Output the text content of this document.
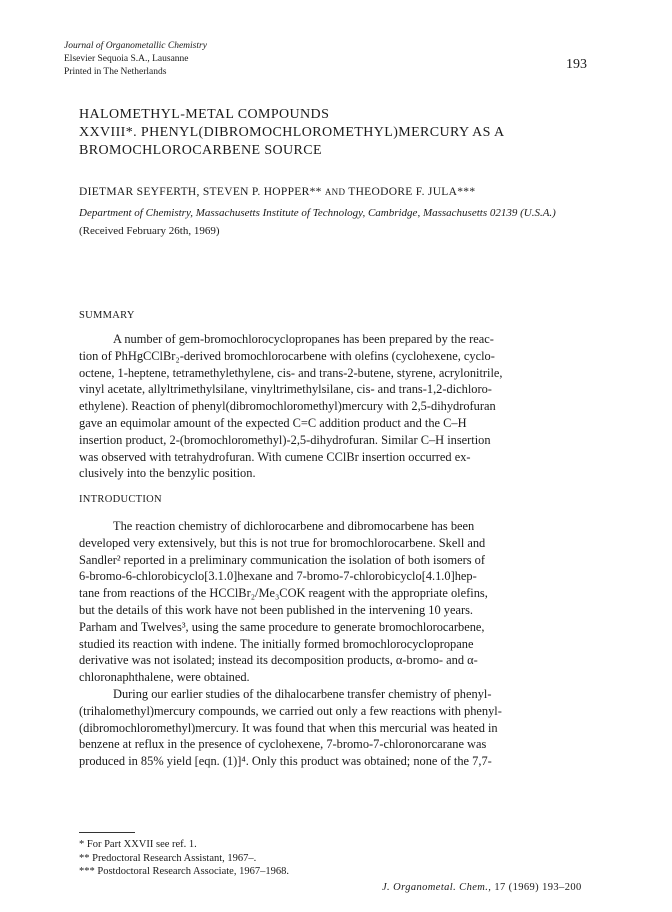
Journal of Organometallic Chemistry
Elsevier Sequoia S.A., Lausanne
Printed in The Netherlands	193
HALOMETHYL-METAL COMPOUNDS
XXVIII*. PHENYL(DIBROMOCHLOROMETHYL)MERCURY AS A
BROMOCHLOROCARBENE SOURCE
DIETMAR SEYFERTH, STEVEN P. HOPPER** AND THEODORE F. JULA***
Department of Chemistry, Massachusetts Institute of Technology, Cambridge, Massachusetts 02139 (U.S.A.)
(Received February 26th, 1969)
SUMMARY

A number of gem-bromochlorocyclopropanes has been prepared by the reac-

tion of PhHgCClBr₂-derived bromochlorocarbene with olefins (cyclohexene, cyclo-

octene, 1-heptene, tetramethylethylene, cis- and trans-2-butene, styrene, acrylonitrile,

vinyl acetate, allyltrimethylsilane, vinyltrimethylsilane, cis- and trans-1,2-dichloro-

ethylene). Reaction of phenyl(dibromochloromethyl)mercury with 2,5-dihydrofuran

gave an equimolar amount of the expected C=C addition product and the C–H

insertion product, 2-(bromochloromethyl)-2,5-dihydrofuran. Similar C–H insertion

was observed with tetrahydrofuran. With cumene CClBr insertion occurred ex-

clusively into the benzylic position.

INTRODUCTION

The reaction chemistry of dichlorocarbene and dibromocarbene has been

developed very extensively, but this is not true for bromochlorocarbene. Skell and

Sandler² reported in a preliminary communication the isolation of both isomers of

6-bromo-6-chlorobicyclo[3.1.0]hexane and 7-bromo-7-chlorobicyclo[4.1.0]hep-

tane from reactions of the HCClBr₂/Me₃COK reagent with the appropriate olefins,

but the details of this work have not been published in the intervening 10 years.

Parham and Twelves³, using the same procedure to generate bromochlorocarbene,

studied its reaction with indene. The initially formed bromochlorocyclopropane

derivative was not isolated; instead its decomposition products, α-bromo- and α-

chloronaphthalene, were obtained.

During our earlier studies of the dihalocarbene transfer chemistry of phenyl-

(trihalomethyl)mercury compounds, we carried out only a few reactions with phenyl-

(dibromochloromethyl)mercury. It was found that when this mercurial was heated in

benzene at reflux in the presence of cyclohexene, 7-bromo-7-chloronorcarane was

produced in 85% yield [eqn. (1)]⁴. Only this product was obtained; none of the 7,7-

* For Part XXVII see ref. 1.
** Predoctoral Research Assistant, 1967–.
*** Postdoctoral Research Associate, 1967–1968.
J. Organometal. Chem., 17 (1969) 193–200
